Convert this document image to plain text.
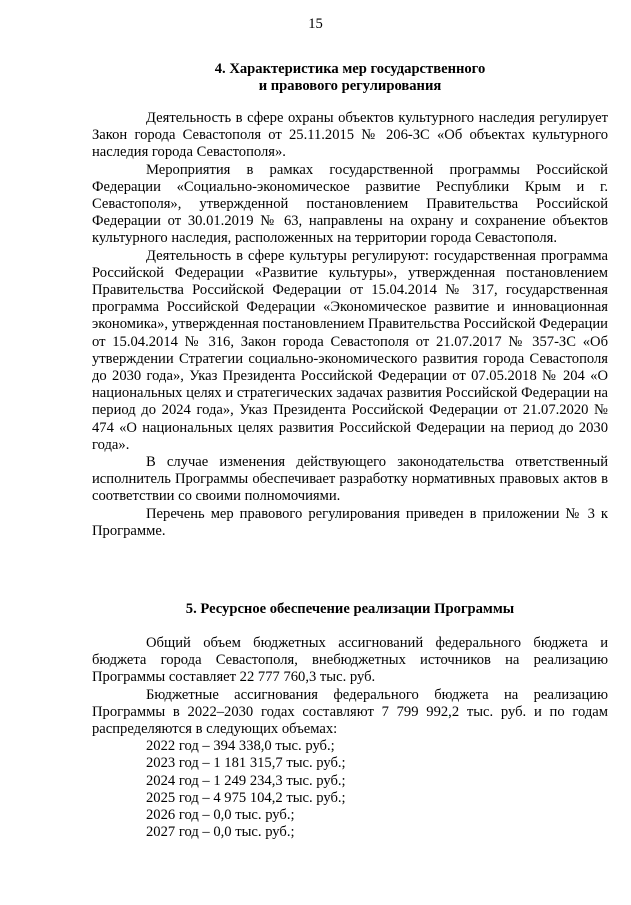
15
4. Характеристика мер государственного
и правового регулирования

Деятельность в сфере охраны объектов культурного наследия регулирует Закон города Севастополя от 25.11.2015 № 206-ЗС «Об объектах культурного наследия города Севастополя».

Мероприятия в рамках государственной программы Российской Федерации «Социально-экономическое развитие Республики Крым и г. Севастополя», утвержденной постановлением Правительства Российской Федерации от 30.01.2019 № 63, направлены на охрану и сохранение объектов культурного наследия, расположенных на территории города Севастополя.

Деятельность в сфере культуры регулируют: государственная программа Российской Федерации «Развитие культуры», утвержденная постановлением Правительства Российской Федерации от 15.04.2014 № 317, государственная программа Российской Федерации «Экономическое развитие и инновационная экономика», утвержденная постановлением Правительства Российской Федерации от 15.04.2014 № 316, Закон города Севастополя от 21.07.2017 № 357-ЗС «Об утверждении Стратегии социально-экономического развития города Севастополя до 2030 года», Указ Президента Российской Федерации от 07.05.2018 № 204 «О национальных целях и стратегических задачах развития Российской Федерации на период до 2024 года», Указ Президента Российской Федерации от 21.07.2020 № 474 «О национальных целях развития Российской Федерации на период до 2030 года».

В случае изменения действующего законодательства ответственный исполнитель Программы обеспечивает разработку нормативных правовых актов в соответствии со своими полномочиями.

Перечень мер правового регулирования приведен в приложении № 3 к Программе.

5. Ресурсное обеспечение реализации Программы

Общий объем бюджетных ассигнований федерального бюджета и бюджета города Севастополя, внебюджетных источников на реализацию Программы составляет 22 777 760,3 тыс. руб.

Бюджетные ассигнования федерального бюджета на реализацию Программы в 2022–2030 годах составляют 7 799 992,2 тыс. руб. и по годам распределяются в следующих объемах:

2022 год – 394 338,0 тыс. руб.;

2023 год – 1 181 315,7 тыс. руб.;

2024 год – 1 249 234,3 тыс. руб.;

2025 год – 4 975 104,2 тыс. руб.;

2026 год – 0,0 тыс. руб.;

2027 год – 0,0 тыс. руб.;
